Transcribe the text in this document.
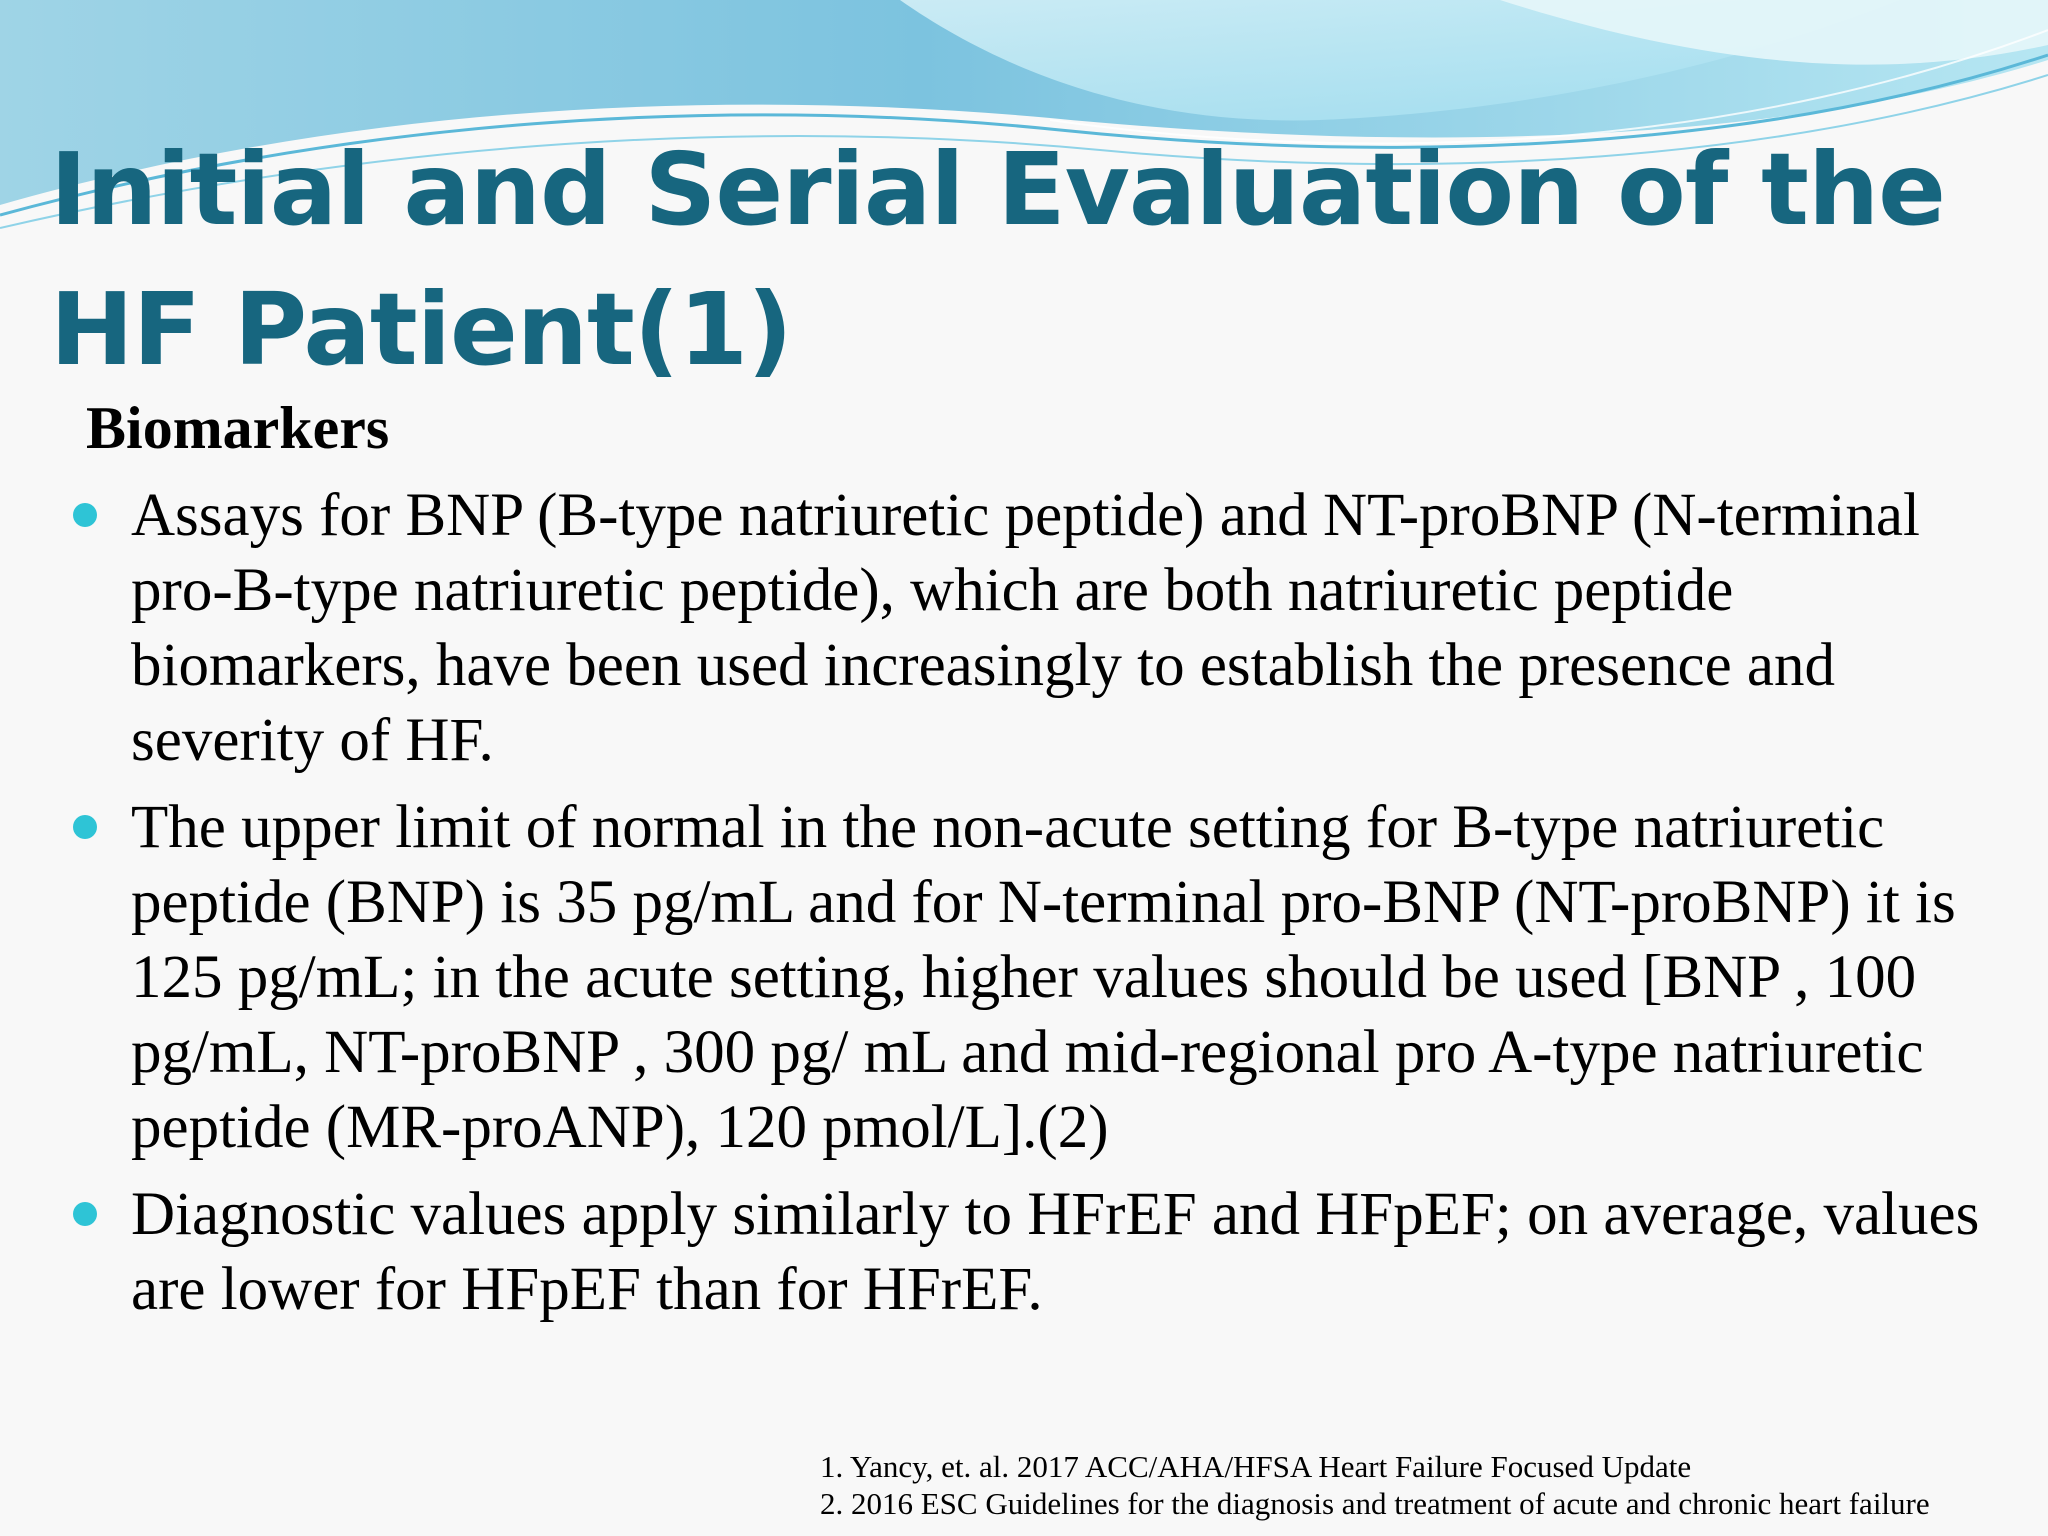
Initial and Serial Evaluation of the HF Patient(1)
Biomarkers
Assays for BNP (B-type natriuretic peptide) and NT-proBNP (N-terminal pro-B-type natriuretic peptide), which are both natriuretic peptide biomarkers, have been used increasingly to establish the presence and severity of HF.
The upper limit of normal in the non-acute setting for B-type natriuretic peptide (BNP) is 35 pg/mL and for N-terminal pro-BNP (NT-proBNP) it is 125 pg/mL; in the acute setting, higher values should be used [BNP , 100 pg/mL, NT-proBNP , 300 pg/ mL and mid-regional pro A-type natriuretic peptide (MR-proANP), 120 pmol/L].(2)
Diagnostic values apply similarly to HFrEF and HFpEF; on average, values are lower for HFpEF than for HFrEF.
1. Yancy, et. al. 2017 ACC/AHA/HFSA Heart Failure Focused Update
2. 2016 ESC Guidelines for the diagnosis and treatment of acute and chronic heart failure
